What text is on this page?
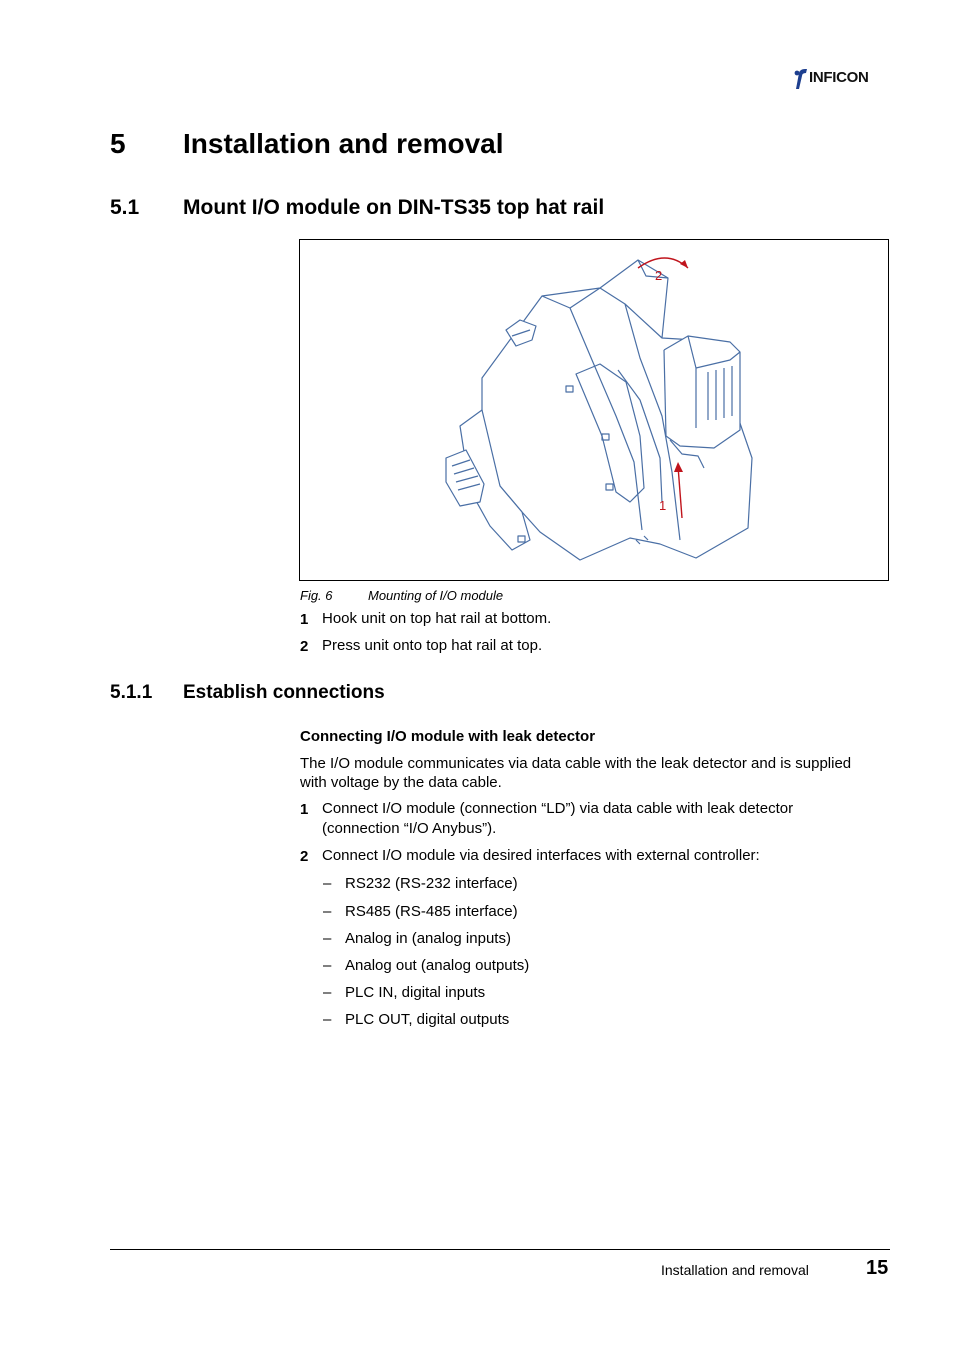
INFICON
5 Installation and removal
5.1 Mount I/O module on DIN-TS35 top hat rail
2
1
Fig. 6	Mounting of I/O module
1 Hook unit on top hat rail at bottom.
2 Press unit onto top hat rail at top.
5.1.1 Establish connections
Connecting I/O module with leak detector
The I/O module communicates via data cable with the leak detector and is supplied
with voltage by the data cable.
1 Connect I/O module (connection “LD”) via data cable with leak detector
(connection “I/O Anybus”).
2 Connect I/O module via desired interfaces with external controller:
– RS232 (RS-232 interface)
– RS485 (RS-485 interface)
– Analog in (analog inputs)
– Analog out (analog outputs)
– PLC IN, digital inputs
– PLC OUT, digital outputs
Installation and removal	15
